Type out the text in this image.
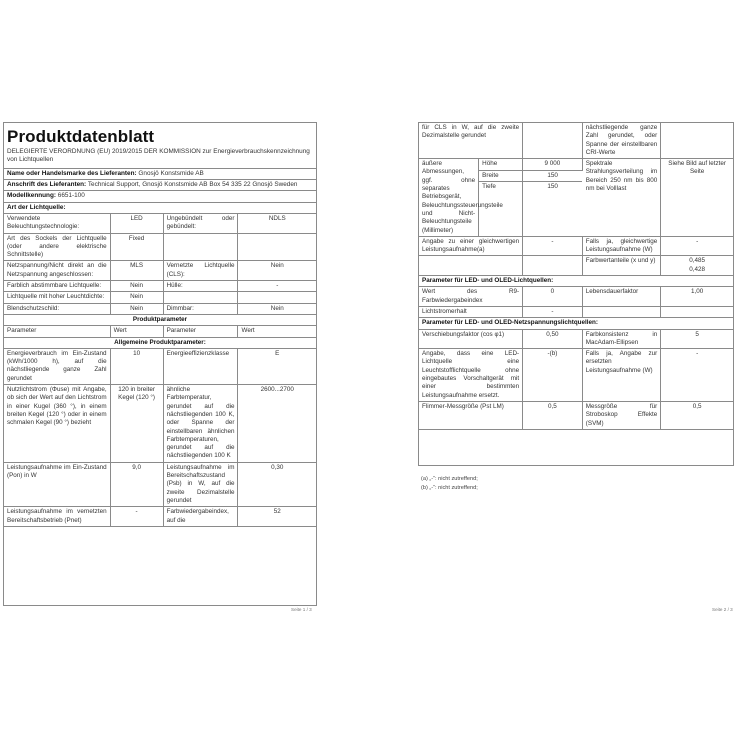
Produktdatenblatt
DELEGIERTE VERORDNUNG (EU) 2019/2015 DER KOMMISSION zur Energieverbrauchskennzeichnung von Lichtquellen
Name oder Handelsmarke des Lieferanten: Gnosjö Konstsmide AB
Anschrift des Lieferanten: Technical Support, Gnosjö Konstsmide AB Box 54 335 22 Gnosjö Sweden
Modellkennung: 6651-100
Art der Lichtquelle:
Verwendete Beleuchtungstechnologie:	LED	Ungebündelt oder gebündelt:	NDLS
Art des Sockels der Lichtquelle (oder andere elektrische Schnittstelle)	Fixed		
Netzspannung/Nicht direkt an die Netzspannung angeschlossen:	MLS	Vernetzte Lichtquelle (CLS):	Nein
Farblich abstimmbare Lichtquelle:	Nein	Hülle:	-
Lichtquelle mit hoher Leuchtdichte:	Nein		
Blendschutzschild:	Nein	Dimmbar:	Nein
Produktparameter			
Parameter	Wert	Parameter	Wert
Allgemeine Produktparameter:			
Energieverbrauch im Ein-Zustand (kWh/1000 h), auf die nächstliegende ganze Zahl gerundet	10	Energieeffizienzklasse	E
Nutzlichtstrom (Φuse) mit Angabe, ob sich der Wert auf den Lichtstrom in einer Kugel (360 °), in einem breiten Kegel (120 °) oder in einem schmalen Kegel (90 °) bezieht	120 in breiter Kegel (120 °)	ähnliche Farbtemperatur, gerundet auf die nächstliegenden 100 K, oder Spanne der einstellbaren ähnlichen Farbtemperaturen, gerundet auf die nächstliegenden 100 K	2600...2700
Leistungsaufnahme im Ein-Zustand (Pon) in W	9,0	Leistungsaufnahme im Bereitschaftszustand (Psb) in W, auf die zweite Dezimalstelle gerundet	0,30
Leistungsaufnahme im vernetzten Bereitschaftsbetrieb (Pnet)	-	Farbwiedergabeindex, auf die	52
Seite 1 / 3
für CLS in W, auf die zweite Dezimalstelle gerundet			nächstliegende ganze Zahl gerundet, oder Spanne der einstellbaren CRI-Werte	
äußere Abmessungen, ggf. ohne separates Betriebsgerät, Beleuchtungssteuerungsteile und Nicht-Beleuchtungsteile (Millimeter)	Höhe	9 000	Spektrale Strahlungsverteilung im Bereich 250 nm bis 800 nm bei Volllast	Siehe Bild auf letzter Seite
	Breite	150		
	Tiefe	150		
Angabe zu einer gleichwertigen Leistungsaufnahme(a)	-	Falls ja, gleichwertige Leistungsaufnahme (W)	-
		Farbwertanteile (x und y)	0,485
0,428
Parameter für LED- und OLED-Lichtquellen:			
Wert des R9-Farbwiedergabeindex	0	Lebensdauerfaktor	1,00
Lichtstromerhalt	-		
Parameter für LED- und OLED-Netzspannungslichtquellen:			
Verschiebungsfaktor (cos φ1)	0,50	Farbkonsistenz in MacAdam-Ellipsen	5
Angabe, dass eine LED-Lichtquelle eine Leuchtstofflichtquelle ohne eingebautes Vorschaltgerät mit einer bestimmten Leistungsaufnahme ersetzt.	-(b)	Falls ja, Angabe zur ersetzten Leistungsaufnahme (W)	-
Flimmer-Messgröße (Pst LM)	0,5	Messgröße für Stroboskop Effekte (SVM)	0,5
(a) „-“: nicht zutreffend;
(b) „-“: nicht zutreffend;
Seite 2 / 3
